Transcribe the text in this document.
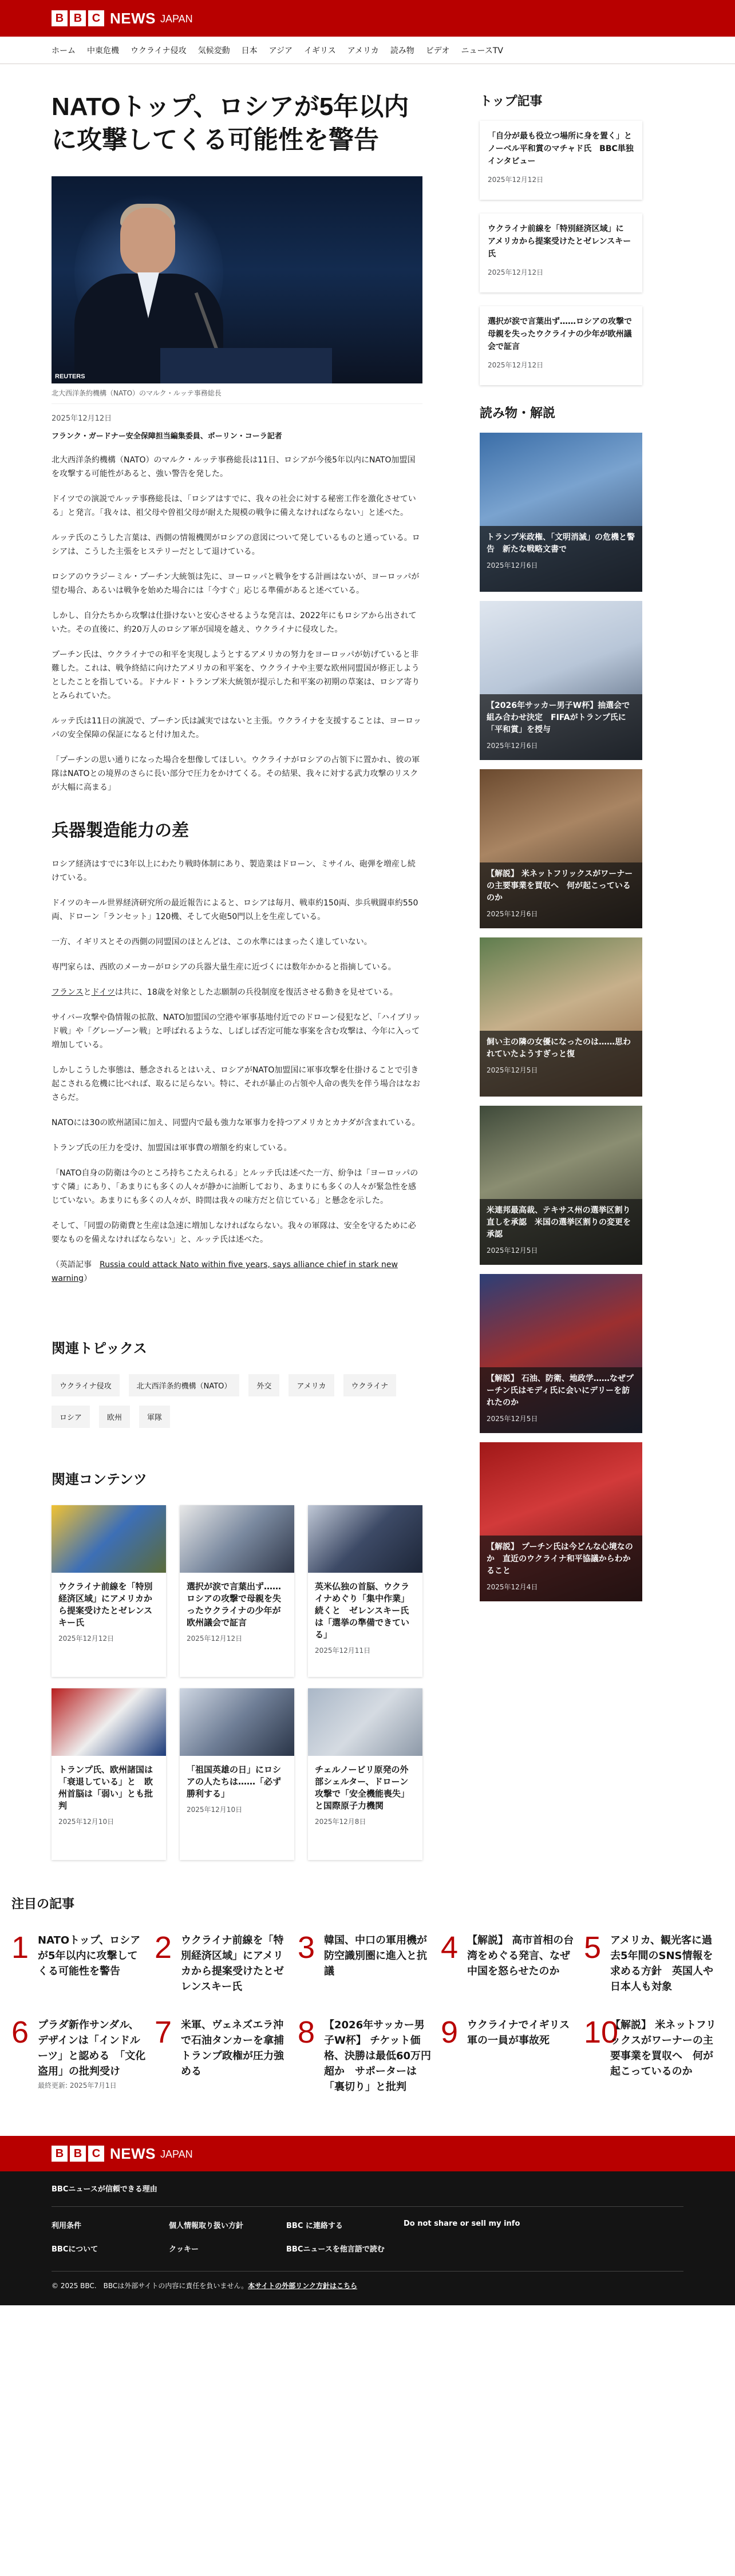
B B C NEWS JAPAN
ホーム	中東危機	ウクライナ侵攻	気候変動	日本	アジア	イギリス	アメリカ	読み物	ビデオ	ニュースTV
NATOトップ、ロシアが5年以内に攻撃してくる可能性を警告
REUTERS
北大西洋条約機構（NATO）のマルク・ルッテ事務総長
2025年12月12日
フランク・ガードナー安全保障担当編集委員、ポーリン・コーラ記者

北大西洋条約機構（NATO）のマルク・ルッテ事務総長は11日、ロシアが今後5年以内にNATO加盟国を攻撃する可能性があると、強い警告を発した。

ドイツでの演説でルッテ事務総長は、「ロシアはすでに、我々の社会に対する秘密工作を激化させている」と発言。「我々は、祖父母や曽祖父母が耐えた規模の戦争に備えなければならない」と述べた。

ルッテ氏のこうした言葉は、西側の情報機関がロシアの意図について発しているものと通っている。ロシアは、こうした主張をヒステリーだとして退けている。

ロシアのウラジーミル・プーチン大統領は先に、ヨーロッパと戦争をする計画はないが、ヨーロッパが望む場合、あるいは戦争を始めた場合には「今すぐ」応じる準備があると述べている。

しかし、自分たちから攻撃は仕掛けないと安心させるような発言は、2022年にもロシアから出されていた。その直後に、約20万人のロシア軍が国境を越え、ウクライナに侵攻した。

プーチン氏は、ウクライナでの和平を実現しようとするアメリカの努力をヨーロッパが妨げていると非難した。これは、戦争終結に向けたアメリカの和平案を、ウクライナや主要な欧州同盟国が修正しようとしたことを指している。ドナルド・トランプ米大統領が提示した和平案の初期の草案は、ロシア寄りとみられていた。

ルッテ氏は11日の演説で、プーチン氏は誠実ではないと主張。ウクライナを支援することは、ヨーロッパの安全保障の保証になると付け加えた。

「プーチンの思い通りになった場合を想像してほしい。ウクライナがロシアの占領下に置かれ、彼の軍隊はNATOとの境界のさらに長い部分で圧力をかけてくる。その結果、我々に対する武力攻撃のリスクが大幅に高まる」

兵器製造能力の差

ロシア経済はすでに3年以上にわたり戦時体制にあり、製造業はドローン、ミサイル、砲弾を増産し続けている。

ドイツのキール世界経済研究所の最近報告によると、ロシアは毎月、戦車約150両、歩兵戦闘車約550両、ドローン「ランセット」120機、そして火砲50門以上を生産している。

一方、イギリスとその西側の同盟国のほとんどは、この水準にはまったく達していない。

専門家らは、西欧のメーカーがロシアの兵器大量生産に近づくには数年かかると指摘している。

フランスとドイツは共に、18歳を対象とした志願制の兵役制度を復活させる動きを見せている。

サイバー攻撃や偽情報の拡散、NATO加盟国の空港や軍事基地付近でのドローン侵犯など、「ハイブリッド戦」や「グレーゾーン戦」と呼ばれるような、しばしば否定可能な事案を含む攻撃は、今年に入って増加している。

しかしこうした事態は、懸念されるとはいえ、ロシアがNATO加盟国に軍事攻撃を仕掛けることで引き起こされる危機に比べれば、取るに足らない。特に、それが暴止の占領や人命の喪失を伴う場合はなおさらだ。

NATOには30の欧州諸国に加え、同盟内で最も強力な軍事力を持つアメリカとカナダが含まれている。

トランプ氏の圧力を受け、加盟国は軍事費の増額を約束している。

「NATO自身の防衛は今のところ持ちこたえられる」とルッテ氏は述べた一方、紛争は「ヨーロッパのすぐ隣」にあり、「あまりにも多くの人々が静かに油断しており、あまりにも多くの人々が緊急性を感じていない。あまりにも多くの人々が、時間は我々の味方だと信じている」と懸念を示した。

そして、「同盟の防衛費と生産は急速に増加しなければならない。我々の軍隊は、安全を守るために必要なものを備えなければならない」と、ルッテ氏は述べた。

（英語記事　 Russia could attack Nato within five years, says alliance chief in stark new warning）

関連トピックス
ウクライナ侵攻	北大西洋条約機構（NATO）	外交	アメリカ	ウクライナ
ロシア	欧州	軍隊
関連コンテンツ
ウクライナ前線を「特別経済区域」にアメリカから提案受けたとゼレンスキー氏
2025年12月12日
選択が涙で言葉出ず……ロシアの攻撃で母親を失ったウクライナの少年が欧州議会で証言
2025年12月12日
英米仏独の首脳、ウクライナめぐり「集中作業」続くと　ゼレンスキー氏は「選挙の準備できている」
2025年12月11日
トランプ氏、欧州諸国は「衰退している」と　欧州首脳は「弱い」とも批判
2025年12月10日
「祖国英雄の日」にロシアの人たちは……「必ず勝利する」
2025年12月10日
チェルノービリ原発の外部シェルター、ドローン攻撃で「安全機能喪失」と国際原子力機関
2025年12月8日
トップ記事
「自分が最も役立つ場所に身を置く」とノーベル平和賞のマチャド氏　BBC単独インタビュー
2025年12月12日
ウクライナ前線を「特別経済区域」に　アメリカから提案受けたとゼレンスキー氏
2025年12月12日
選択が涙で言葉出ず……ロシアの攻撃で母親を失ったウクライナの少年が欧州議会で証言
2025年12月12日
読み物・解説
トランプ米政権、「文明消滅」の危機と警告　新たな戦略文書で
2025年12月6日
【2026年サッカー男子W杯】抽選会で組み合わせ決定　FIFAがトランプ氏に「平和賞」を授与
2025年12月6日
【解説】 米ネットフリックスがワーナーの主要事業を買収へ　何が起こっているのか
2025年12月6日
飼い主の隣の女優になったのは……思われていたようすぎっと復
2025年12月5日
米連邦最高裁、テキサス州の選挙区割り直しを承認　米国の選挙区割りの変更を承認
2025年12月5日
【解説】 石油、防衛、地政学……なぜプーチン氏はモディ氏に会いにデリーを訪れたのか
2025年12月5日
【解説】 プーチン氏は今どんな心境なのか　直近のウクライナ和平協議からわかること
2025年12月4日
注目の記事
1 NATOトップ、ロシアが5年以内に攻撃してくる可能性を警告
2 ウクライナ前線を「特別経済区域」にアメリカから提案受けたとゼレンスキー氏
3 韓国、中口の軍用機が防空識別圏に進入と抗議
4 【解説】 高市首相の台湾をめぐる発言、なぜ中国を怒らせたのか
5 アメリカ、観光客に過去5年間のSNS情報を求める方針　英国人や日本人も対象
6 プラダ新作サンダル、デザインは「インドルーツ」と認める　「文化盗用」の批判受け
最終更新: 2025年7月1日
7 米軍、ヴェネズエラ沖で石油タンカーを拿捕　トランプ政権が圧力強める
8 【2026年サッカー男子W杯】 チケット価格、決勝は最低60万円超か　サポーターは「裏切り」と批判
9 ウクライナでイギリス軍の一員が事故死	10
【解説】 米ネットフリックスがワーナーの主要事業を買収へ　何が起こっているのか
B B C NEWS JAPAN
BBCニュースが信頼できる理由
利用条件	個人情報取り扱い方針	BBC に連絡する	Do not share or sell my info
BBCについて	クッキー	BBCニュースを他言語で読む
© 2025 BBC.　BBCは外部サイトの内容に責任を負いません。本サイトの外部リンク方針はこちら
